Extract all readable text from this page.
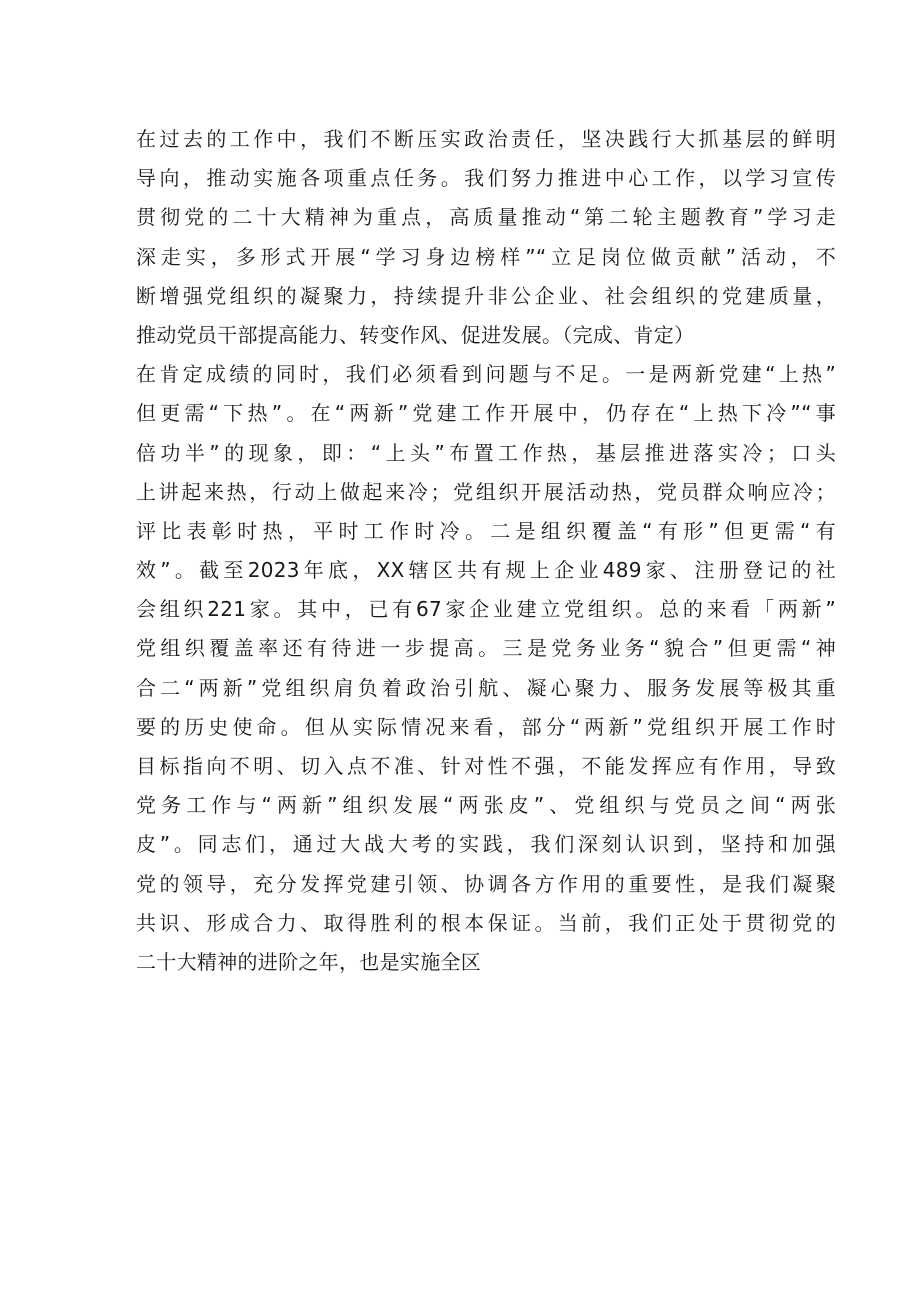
在过去的工作中，我们不断压实政治责任，坚决践行大抓基层的鲜明
导向，推动实施各项重点任务。我们努力推进中心工作，以学习宣传
贯彻党的二十大精神为重点，高质量推动“第二轮主题教育”学习走
深走实，多形式开展“学习身边榜样”“立足岗位做贡献”活动，不
断增强党组织的凝聚力，持续提升非公企业、社会组织的党建质量，
推动党员干部提高能力、转变作风、促进发展。（完成、肯定）
在肯定成绩的同时，我们必须看到问题与不足。一是两新党建“上热”
但更需“下热”。在“两新”党建工作开展中，仍存在“上热下冷”“事
倍功半”的现象，即：“上头”布置工作热，基层推进落实冷；口头
上讲起来热，行动上做起来冷；党组织开展活动热，党员群众响应冷；
评比表彰时热，平时工作时冷。二是组织覆盖“有形”但更需“有
效”。截至2023年底，XX辖区共有规上企业489家、注册登记的社
会组织221家。其中，已有67家企业建立党组织。总的来看「两新”
党组织覆盖率还有待进一步提高。三是党务业务“貌合”但更需“神
合二“两新”党组织肩负着政治引航、凝心聚力、服务发展等极其重
要的历史使命。但从实际情况来看，部分“两新”党组织开展工作时
目标指向不明、切入点不准、针对性不强，不能发挥应有作用，导致
党务工作与“两新”组织发展“两张皮”、党组织与党员之间“两张
皮”。同志们，通过大战大考的实践，我们深刻认识到，坚持和加强
党的领导，充分发挥党建引领、协调各方作用的重要性，是我们凝聚
共识、形成合力、取得胜利的根本保证。当前，我们正处于贯彻党的
二十大精神的进阶之年，也是实施全区
